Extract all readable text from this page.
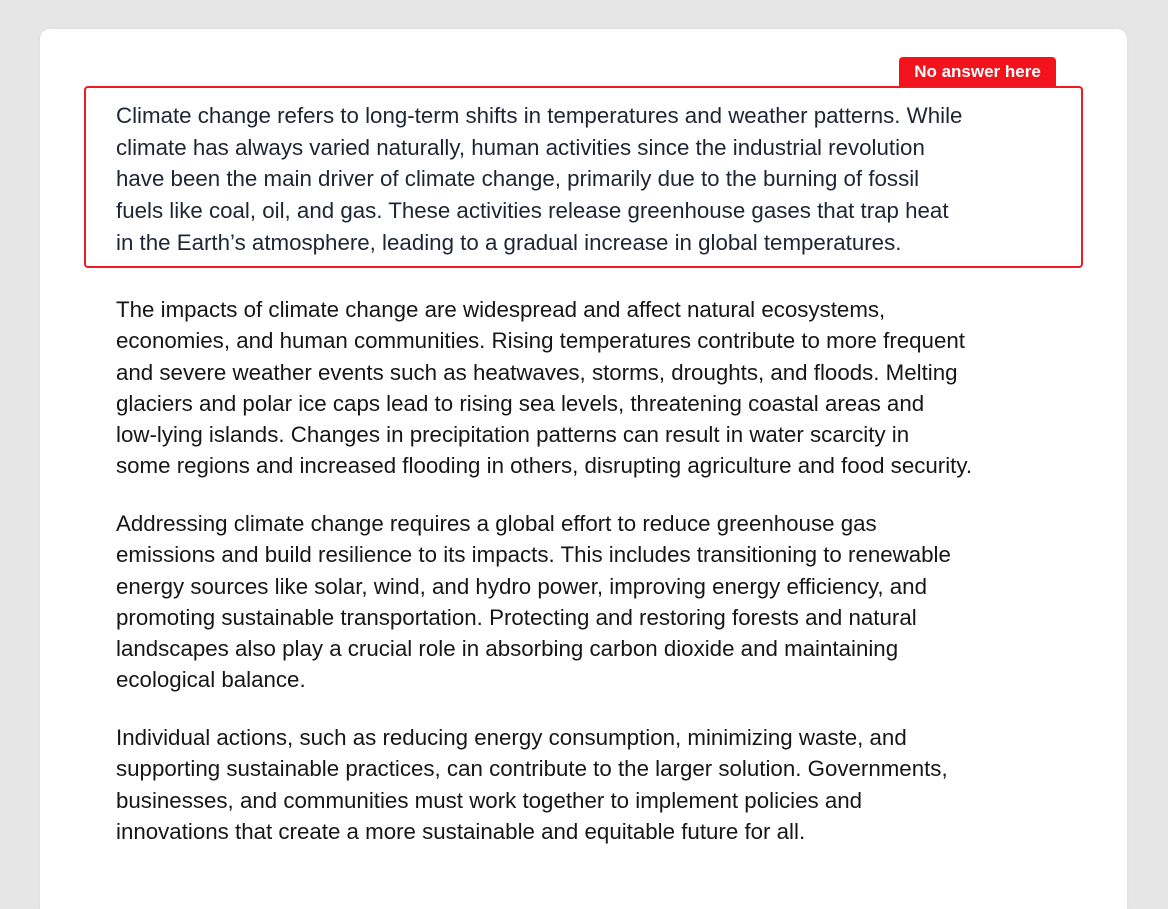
No answer here

Climate change refers to long-term shifts in temperatures and weather patterns. While
climate has always varied naturally, human activities since the industrial revolution
have been the main driver of climate change, primarily due to the burning of fossil
fuels like coal, oil, and gas. These activities release greenhouse gases that trap heat
in the Earth’s atmosphere, leading to a gradual increase in global temperatures.

The impacts of climate change are widespread and affect natural ecosystems,
economies, and human communities. Rising temperatures contribute to more frequent
and severe weather events such as heatwaves, storms, droughts, and floods. Melting
glaciers and polar ice caps lead to rising sea levels, threatening coastal areas and
low-lying islands. Changes in precipitation patterns can result in water scarcity in
some regions and increased flooding in others, disrupting agriculture and food security.

Addressing climate change requires a global effort to reduce greenhouse gas
emissions and build resilience to its impacts. This includes transitioning to renewable
energy sources like solar, wind, and hydro power, improving energy efficiency, and
promoting sustainable transportation. Protecting and restoring forests and natural
landscapes also play a crucial role in absorbing carbon dioxide and maintaining
ecological balance.

Individual actions, such as reducing energy consumption, minimizing waste, and
supporting sustainable practices, can contribute to the larger solution. Governments,
businesses, and communities must work together to implement policies and
innovations that create a more sustainable and equitable future for all.
